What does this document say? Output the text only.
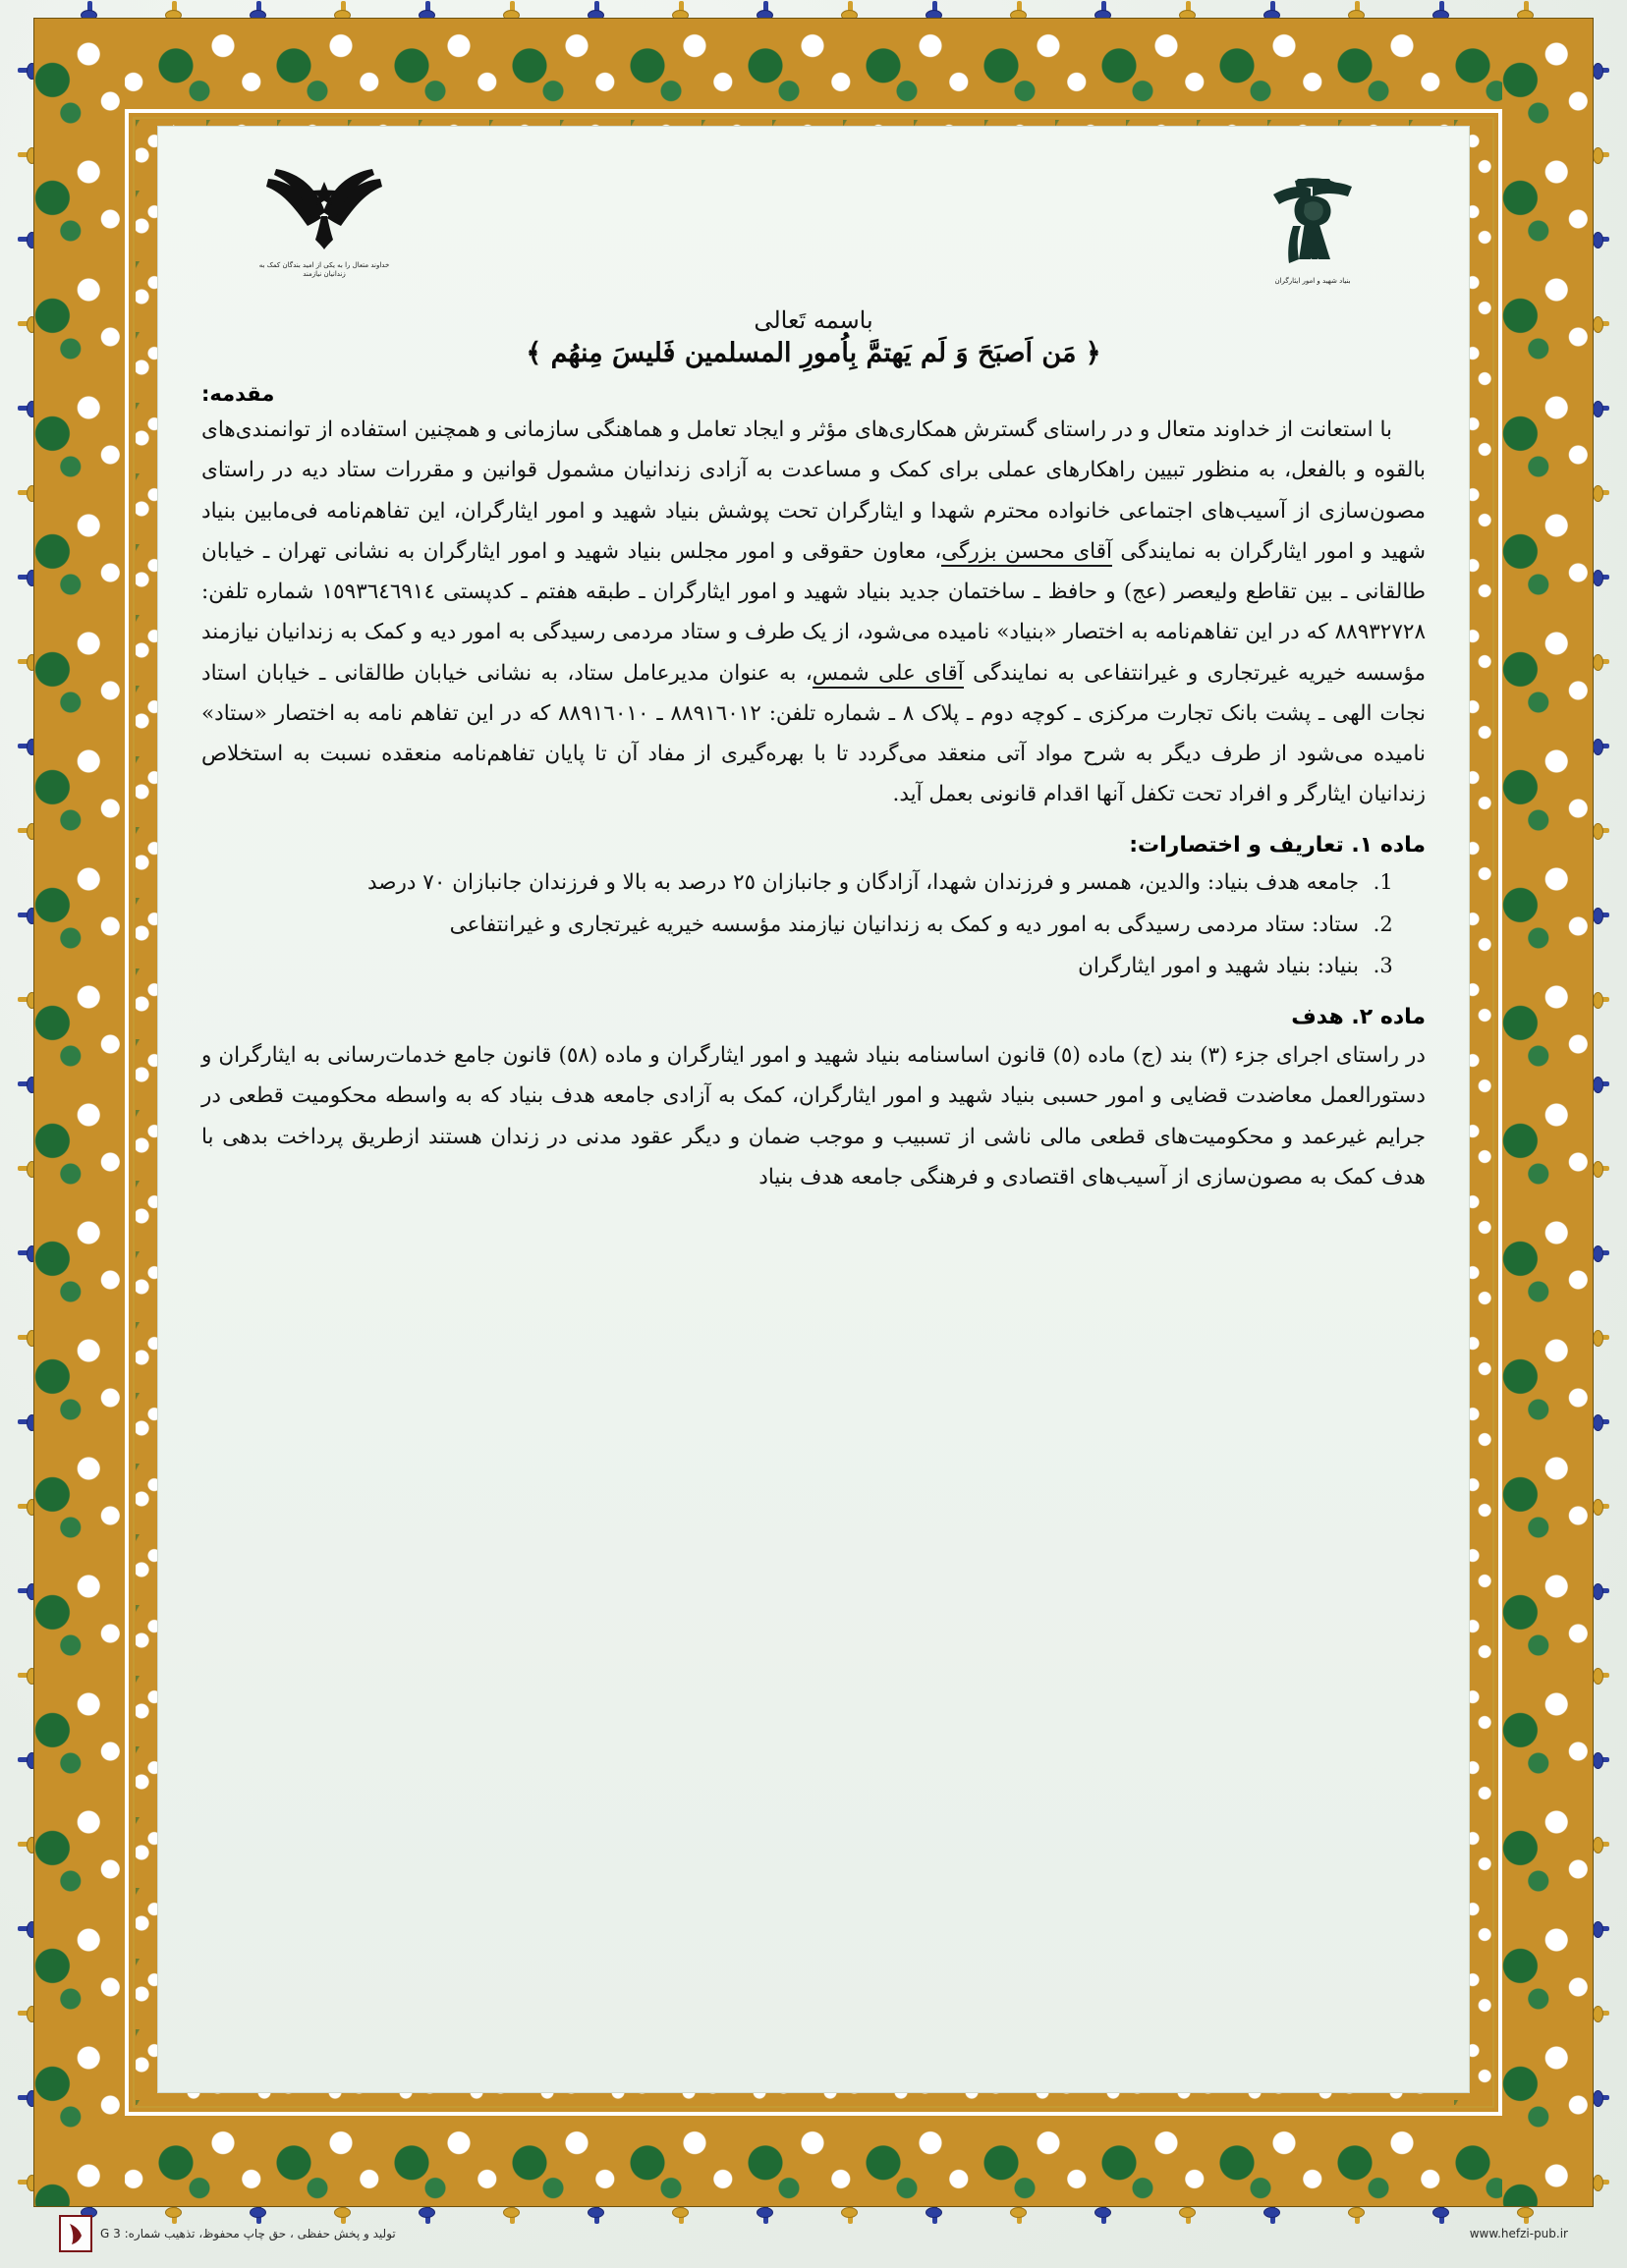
خداوند متعال را به یکی از امید بندگان کمک به زندانیان نیازمند
بنیاد شهید و امور ایثارگران
باسمه تَعالی
﴿ مَن اَصبَحَ وَ لَم یَهتمَّ بِاُمورِ المسلمین فَلیسَ مِنهُم ﴾
مقدمه:

با استعانت از خداوند متعال و در راستای گسترش همکاری‌های مؤثر و ایجاد تعامل و هماهنگی سازمانی و همچنین استفاده از توانمندی‌های بالقوه و بالفعل، به منظور تبیین راهکارهای عملی برای کمک و مساعدت به آزادی زندانیان مشمول قوانین و مقررات ستاد دیه در راستای مصون‌سازی از آسیب‌های اجتماعی خانواده محترم شهدا و ایثارگران تحت پوشش بنیاد شهید و امور ایثارگران، این تفاهم‌نامه فی‌مابین بنیاد شهید و امور ایثارگران به نمایندگی آقای محسن بزرگی، معاون حقوقی و امور مجلس بنیاد شهید و امور ایثارگران به نشانی تهران ـ خیابان طالقانی ـ بین تقاطع ولیعصر (عج) و حافظ ـ ساختمان جدید بنیاد شهید و امور ایثارگران ـ طبقه هفتم ـ کدپستی ١٥٩٣٦٤٦٩١٤ شماره تلفن: ٨٨٩٣٢٧٢٨ که در این تفاهم‌نامه به اختصار «بنیاد» نامیده می‌شود، از یک طرف و ستاد مردمی رسیدگی به امور دیه و کمک به زندانیان نیازمند مؤسسه خیریه غیرتجاری و غیرانتفاعی به نمایندگی آقای علی شمس، به عنوان مدیرعامل ستاد، به نشانی خیابان طالقانی ـ خیابان استاد نجات الهی ـ پشت بانک تجارت مرکزی ـ کوچه دوم ـ پلاک ٨ ـ شماره تلفن: ٨٨٩١٦٠١٢ ـ ٨٨٩١٦٠١٠ که در این تفاهم نامه به اختصار «ستاد» نامیده می‌شود از طرف دیگر به شرح مواد آتی منعقد می‌گردد تا با بهره‌گیری از مفاد آن تا پایان تفاهم‌نامه منعقده نسبت به استخلاص زندانیان ایثارگر و افراد تحت تکفل آنها اقدام قانونی بعمل آید.

ماده ١. تعاریف و اختصارات:
1. جامعه هدف بنیاد: والدین، همسر و فرزندان شهدا، آزادگان و جانبازان ٢٥ درصد به بالا و فرزندان جانبازان ٧٠ درصد
2. ستاد: ستاد مردمی رسیدگی به امور دیه و کمک به زندانیان نیازمند مؤسسه خیریه غیرتجاری و غیرانتفاعی
3. بنیاد: بنیاد شهید و امور ایثارگران
ماده ٢. هدف

در راستای اجرای جزء (٣) بند (ج) ماده (٥) قانون اساسنامه بنیاد شهید و امور ایثارگران و ماده (٥٨) قانون جامع خدمات‌رسانی به ایثارگران و دستورالعمل معاضدت قضایی و امور حسبی بنیاد شهید و امور ایثارگران، کمک به آزادی جامعه هدف بنیاد که به واسطه محکومیت قطعی در جرایم غیرعمد و محکومیت‌های قطعی مالی ناشی از تسبیب و موجب ضمان و دیگر عقود مدنی در زندان هستند ازطریق پرداخت بدهی با هدف کمک به مصون‌سازی از آسیب‌های اقتصادی و فرهنگی جامعه هدف بنیاد

www.hefzi-pub.ir
تولید و پخش حفظی ، حق چاپ محفوظ، تذهیب شماره: G 3
